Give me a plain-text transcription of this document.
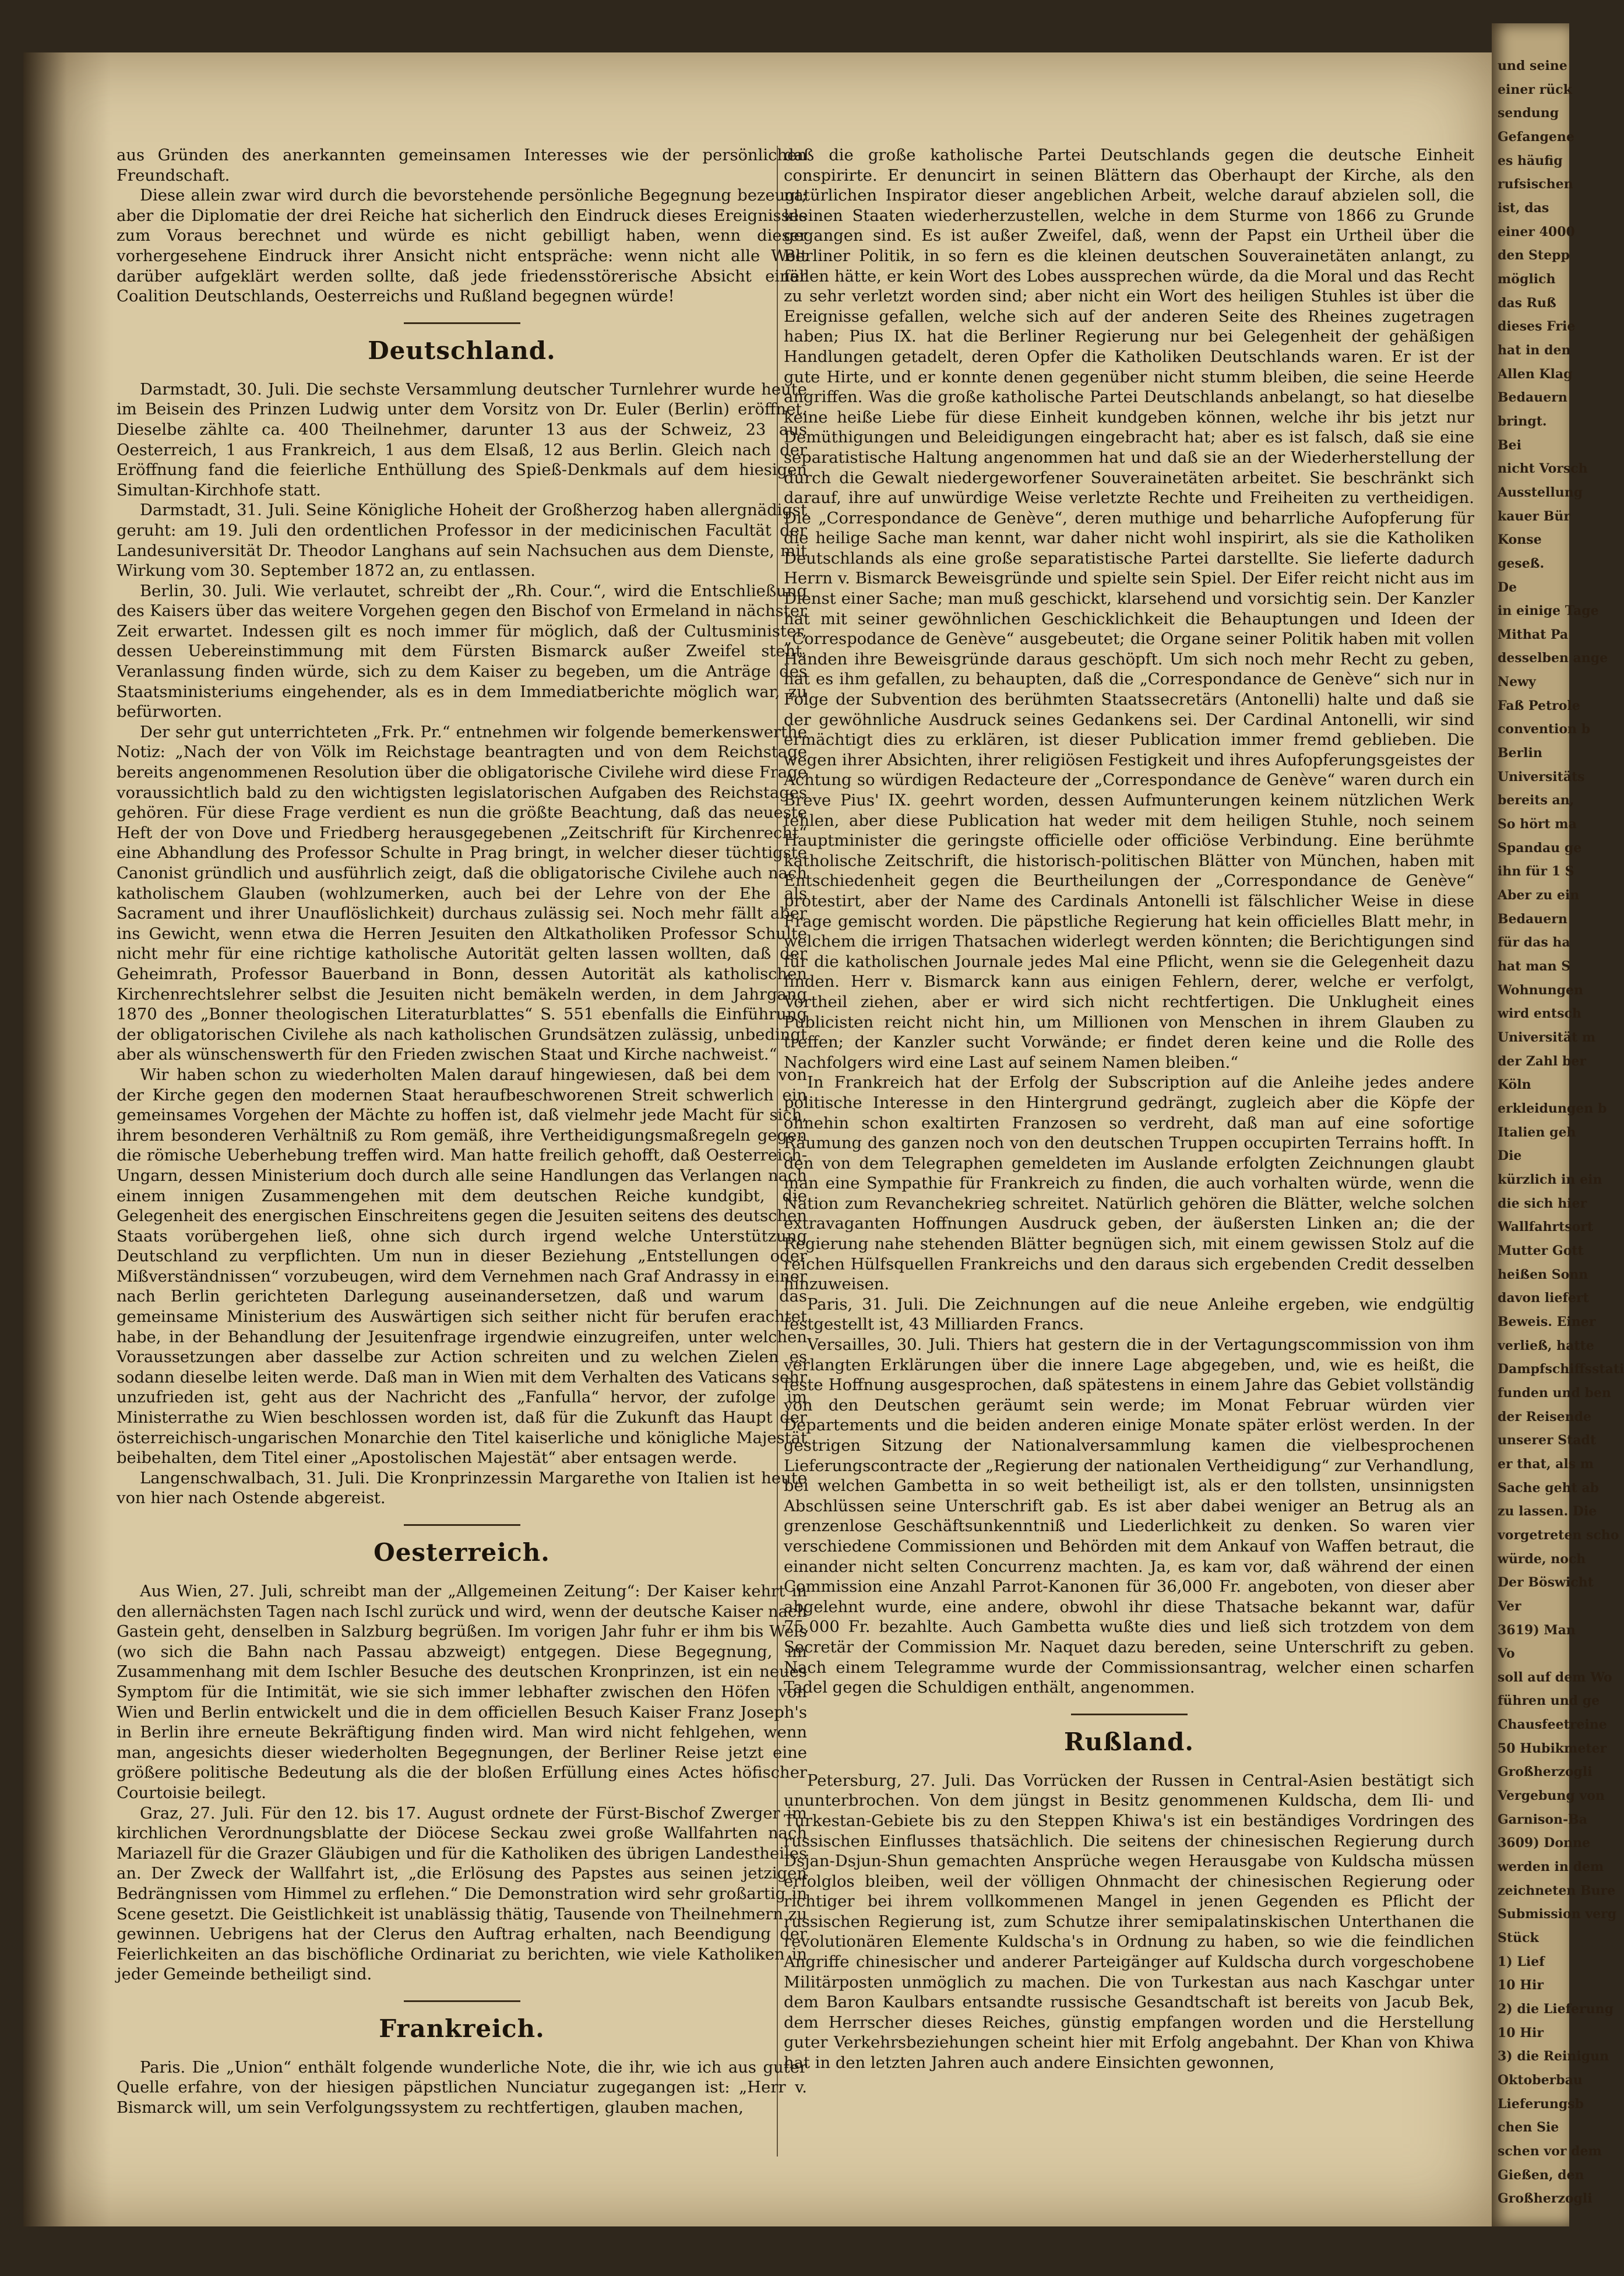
aus Gründen des anerkannten gemeinsamen Interesses wie der persönlichen Freundschaft.

Diese allein zwar wird durch die bevorstehende persönliche Begegnung bezeugt; aber die Diplomatie der drei Reiche hat sicherlich den Eindruck dieses Ereignisses zum Voraus berechnet und würde es nicht gebilligt haben, wenn dieser vorhergesehene Eindruck ihrer Ansicht nicht entspräche: wenn nicht alle Welt darüber aufgeklärt werden sollte, daß jede friedensstörerische Absicht einer Coalition Deutschlands, Oesterreichs und Rußland begegnen würde!

Deutschland.

Darmstadt, 30. Juli. Die sechste Versammlung deutscher Turnlehrer wurde heute im Beisein des Prinzen Ludwig unter dem Vorsitz von Dr. Euler (Berlin) eröffnet. Dieselbe zählte ca. 400 Theilnehmer, darunter 13 aus der Schweiz, 23 aus Oesterreich, 1 aus Frankreich, 1 aus dem Elsaß, 12 aus Berlin. Gleich nach der Eröffnung fand die feierliche Enthüllung des Spieß-Denkmals auf dem hiesigen Simultan-Kirchhofe statt.

Darmstadt, 31. Juli. Seine Königliche Hoheit der Großherzog haben allergnädigst geruht: am 19. Juli den ordentlichen Professor in der medicinischen Facultät der Landesuniversität Dr. Theodor Langhans auf sein Nachsuchen aus dem Dienste, mit Wirkung vom 30. September 1872 an, zu entlassen.

Berlin, 30. Juli. Wie verlautet, schreibt der „Rh. Cour.“, wird die Entschließung des Kaisers über das weitere Vorgehen gegen den Bischof von Ermeland in nächster Zeit erwartet. Indessen gilt es noch immer für möglich, daß der Cultusminister, dessen Uebereinstimmung mit dem Fürsten Bismarck außer Zweifel steht, Veranlassung finden würde, sich zu dem Kaiser zu begeben, um die Anträge des Staatsministeriums eingehender, als es in dem Immediatberichte möglich war, zu befürworten.

Der sehr gut unterrichteten „Frk. Pr.“ entnehmen wir folgende bemerkenswerthe Notiz: „Nach der von Völk im Reichstage beantragten und von dem Reichstage bereits angenommenen Resolution über die obligatorische Civilehe wird diese Frage voraussichtlich bald zu den wichtigsten legislatorischen Aufgaben des Reichstages gehören. Für diese Frage verdient es nun die größte Beachtung, daß das neueste Heft der von Dove und Friedberg herausgegebenen „Zeitschrift für Kirchenrecht“ eine Abhandlung des Professor Schulte in Prag bringt, in welcher dieser tüchtigste Canonist gründlich und ausführlich zeigt, daß die obligatorische Civilehe auch nach katholischem Glauben (wohlzumerken, auch bei der Lehre von der Ehe als Sacrament und ihrer Unauflöslichkeit) durchaus zulässig sei. Noch mehr fällt aber ins Gewicht, wenn etwa die Herren Jesuiten den Altkatholiken Professor Schulte nicht mehr für eine richtige katholische Autorität gelten lassen wollten, daß der Geheimrath, Professor Bauerband in Bonn, dessen Autorität als katholischen Kirchenrechtslehrer selbst die Jesuiten nicht bemäkeln werden, in dem Jahrgang 1870 des „Bonner theologischen Literaturblattes“ S. 551 ebenfalls die Einführung der obligatorischen Civilehe als nach katholischen Grundsätzen zulässig, unbedingt aber als wünschenswerth für den Frieden zwischen Staat und Kirche nachweist.“

Wir haben schon zu wiederholten Malen darauf hingewiesen, daß bei dem von der Kirche gegen den modernen Staat heraufbeschworenen Streit schwerlich ein gemeinsames Vorgehen der Mächte zu hoffen ist, daß vielmehr jede Macht für sich, ihrem besonderen Verhältniß zu Rom gemäß, ihre Vertheidigungsmaßregeln gegen die römische Ueberhebung treffen wird. Man hatte freilich gehofft, daß Oesterreich-Ungarn, dessen Ministerium doch durch alle seine Handlungen das Verlangen nach einem innigen Zusammengehen mit dem deutschen Reiche kundgibt, die Gelegenheit des energischen Einschreitens gegen die Jesuiten seitens des deutschen Staats vorübergehen ließ, ohne sich durch irgend welche Unterstützung Deutschland zu verpflichten. Um nun in dieser Beziehung „Entstellungen oder Mißverständnissen“ vorzubeugen, wird dem Vernehmen nach Graf Andrassy in einer nach Berlin gerichteten Darlegung auseinandersetzen, daß und warum das gemeinsame Ministerium des Auswärtigen sich seither nicht für berufen erachtet habe, in der Behandlung der Jesuitenfrage irgendwie einzugreifen, unter welchen Voraussetzungen aber dasselbe zur Action schreiten und zu welchen Zielen es sodann dieselbe leiten werde. Daß man in Wien mit dem Verhalten des Vaticans sehr unzufrieden ist, geht aus der Nachricht des „Fanfulla“ hervor, der zufolge im Ministerrathe zu Wien beschlossen worden ist, daß für die Zukunft das Haupt der österreichisch-ungarischen Monarchie den Titel kaiserliche und königliche Majestät beibehalten, dem Titel einer „Apostolischen Majestät“ aber entsagen werde.

Langenschwalbach, 31. Juli. Die Kronprinzessin Margarethe von Italien ist heute von hier nach Ostende abgereist.

Oesterreich.

Aus Wien, 27. Juli, schreibt man der „Allgemeinen Zeitung“: Der Kaiser kehrt in den allernächsten Tagen nach Ischl zurück und wird, wenn der deutsche Kaiser nach Gastein geht, denselben in Salzburg begrüßen. Im vorigen Jahr fuhr er ihm bis Wels (wo sich die Bahn nach Passau abzweigt) entgegen. Diese Begegnung, im Zusammenhang mit dem Ischler Besuche des deutschen Kronprinzen, ist ein neues Symptom für die Intimität, wie sie sich immer lebhafter zwischen den Höfen von Wien und Berlin entwickelt und die in dem officiellen Besuch Kaiser Franz Joseph's in Berlin ihre erneute Bekräftigung finden wird. Man wird nicht fehlgehen, wenn man, angesichts dieser wiederholten Begegnungen, der Berliner Reise jetzt eine größere politische Bedeutung als die der bloßen Erfüllung eines Actes höfischer Courtoisie beilegt.

Graz, 27. Juli. Für den 12. bis 17. August ordnete der Fürst-Bischof Zwerger im kirchlichen Verordnungsblatte der Diöcese Seckau zwei große Wallfahrten nach Mariazell für die Grazer Gläubigen und für die Katholiken des übrigen Landestheiles an. Der Zweck der Wallfahrt ist, „die Erlösung des Papstes aus seinen jetzigen Bedrängnissen vom Himmel zu erflehen.“ Die Demonstration wird sehr großartig in Scene gesetzt. Die Geistlichkeit ist unablässig thätig, Tausende von Theilnehmern zu gewinnen. Uebrigens hat der Clerus den Auftrag erhalten, nach Beendigung der Feierlichkeiten an das bischöfliche Ordinariat zu berichten, wie viele Katholiken in jeder Gemeinde betheiligt sind.

Frankreich.

Paris. Die „Union“ enthält folgende wunderliche Note, die ihr, wie ich aus guter Quelle erfahre, von der hiesigen päpstlichen Nunciatur zugegangen ist: „Herr v. Bismarck will, um sein Verfolgungssystem zu rechtfertigen, glauben machen,

daß die große katholische Partei Deutschlands gegen die deutsche Einheit conspirirte. Er denuncirt in seinen Blättern das Oberhaupt der Kirche, als den natürlichen Inspirator dieser angeblichen Arbeit, welche darauf abzielen soll, die kleinen Staaten wiederherzustellen, welche in dem Sturme von 1866 zu Grunde gegangen sind. Es ist außer Zweifel, daß, wenn der Papst ein Urtheil über die Berliner Politik, in so fern es die kleinen deutschen Souverainetäten anlangt, zu fällen hätte, er kein Wort des Lobes aussprechen würde, da die Moral und das Recht zu sehr verletzt worden sind; aber nicht ein Wort des heiligen Stuhles ist über die Ereignisse gefallen, welche sich auf der anderen Seite des Rheines zugetragen haben; Pius IX. hat die Berliner Regierung nur bei Gelegenheit der gehäßigen Handlungen getadelt, deren Opfer die Katholiken Deutschlands waren. Er ist der gute Hirte, und er konnte denen gegenüber nicht stumm bleiben, die seine Heerde angriffen. Was die große katholische Partei Deutschlands anbelangt, so hat dieselbe keine heiße Liebe für diese Einheit kundgeben können, welche ihr bis jetzt nur Demüthigungen und Beleidigungen eingebracht hat; aber es ist falsch, daß sie eine separatistische Haltung angenommen hat und daß sie an der Wiederherstellung der durch die Gewalt niedergeworfener Souverainetäten arbeitet. Sie beschränkt sich darauf, ihre auf unwürdige Weise verletzte Rechte und Freiheiten zu vertheidigen. Die „Correspondance de Genève“, deren muthige und beharrliche Aufopferung für die heilige Sache man kennt, war daher nicht wohl inspirirt, als sie die Katholiken Deutschlands als eine große separatistische Partei darstellte. Sie lieferte dadurch Herrn v. Bismarck Beweisgründe und spielte sein Spiel. Der Eifer reicht nicht aus im Dienst einer Sache; man muß geschickt, klarsehend und vorsichtig sein. Der Kanzler hat mit seiner gewöhnlichen Geschicklichkeit die Behauptungen und Ideen der „Correspodance de Genève“ ausgebeutet; die Organe seiner Politik haben mit vollen Händen ihre Beweisgründe daraus geschöpft. Um sich noch mehr Recht zu geben, hat es ihm gefallen, zu behaupten, daß die „Correspondance de Genève“ sich nur in Folge der Subvention des berühmten Staatssecretärs (Antonelli) halte und daß sie der gewöhnliche Ausdruck seines Gedankens sei. Der Cardinal Antonelli, wir sind ermächtigt dies zu erklären, ist dieser Publication immer fremd geblieben. Die wegen ihrer Absichten, ihrer religiösen Festigkeit und ihres Aufopferungsgeistes der Achtung so würdigen Redacteure der „Correspondance de Genève“ waren durch ein Breve Pius' IX. geehrt worden, dessen Aufmunterungen keinem nützlichen Werk fehlen, aber diese Publication hat weder mit dem heiligen Stuhle, noch seinem Hauptminister die geringste officielle oder officiöse Verbindung. Eine berühmte katholische Zeitschrift, die historisch-politischen Blätter von München, haben mit Entschiedenheit gegen die Beurtheilungen der „Correspondance de Genève“ protestirt, aber der Name des Cardinals Antonelli ist fälschlicher Weise in diese Frage gemischt worden. Die päpstliche Regierung hat kein officielles Blatt mehr, in welchem die irrigen Thatsachen widerlegt werden könnten; die Berichtigungen sind für die katholischen Journale jedes Mal eine Pflicht, wenn sie die Gelegenheit dazu finden. Herr v. Bismarck kann aus einigen Fehlern, derer, welche er verfolgt, Vortheil ziehen, aber er wird sich nicht rechtfertigen. Die Unklugheit eines Publicisten reicht nicht hin, um Millionen von Menschen in ihrem Glauben zu treffen; der Kanzler sucht Vorwände; er findet deren keine und die Rolle des Nachfolgers wird eine Last auf seinem Namen bleiben.“

In Frankreich hat der Erfolg der Subscription auf die Anleihe jedes andere politische Interesse in den Hintergrund gedrängt, zugleich aber die Köpfe der ohnehin schon exaltirten Franzosen so verdreht, daß man auf eine sofortige Räumung des ganzen noch von den deutschen Truppen occupirten Terrains hofft. In den von dem Telegraphen gemeldeten im Auslande erfolgten Zeichnungen glaubt man eine Sympathie für Frankreich zu finden, die auch vorhalten würde, wenn die Nation zum Revanchekrieg schreitet. Natürlich gehören die Blätter, welche solchen extravaganten Hoffnungen Ausdruck geben, der äußersten Linken an; die der Regierung nahe stehenden Blätter begnügen sich, mit einem gewissen Stolz auf die reichen Hülfsquellen Frankreichs und den daraus sich ergebenden Credit desselben hinzuweisen.

Paris, 31. Juli. Die Zeichnungen auf die neue Anleihe ergeben, wie endgültig festgestellt ist, 43 Milliarden Francs.

Versailles, 30. Juli. Thiers hat gestern die in der Vertagungscommission von ihm verlangten Erklärungen über die innere Lage abgegeben, und, wie es heißt, die feste Hoffnung ausgesprochen, daß spätestens in einem Jahre das Gebiet vollständig von den Deutschen geräumt sein werde; im Monat Februar würden vier Departements und die beiden anderen einige Monate später erlöst werden. In der gestrigen Sitzung der Nationalversammlung kamen die vielbesprochenen Lieferungscontracte der „Regierung der nationalen Vertheidigung“ zur Verhandlung, bei welchen Gambetta in so weit betheiligt ist, als er den tollsten, unsinnigsten Abschlüssen seine Unterschrift gab. Es ist aber dabei weniger an Betrug als an grenzenlose Geschäftsunkenntniß und Liederlichkeit zu denken. So waren vier verschiedene Commissionen und Behörden mit dem Ankauf von Waffen betraut, die einander nicht selten Concurrenz machten. Ja, es kam vor, daß während der einen Commission eine Anzahl Parrot-Kanonen für 36,000 Fr. angeboten, von dieser aber abgelehnt wurde, eine andere, obwohl ihr diese Thatsache bekannt war, dafür 75,000 Fr. bezahlte. Auch Gambetta wußte dies und ließ sich trotzdem von dem Secretär der Commission Mr. Naquet dazu bereden, seine Unterschrift zu geben. Nach einem Telegramme wurde der Commissionsantrag, welcher einen scharfen Tadel gegen die Schuldigen enthält, angenommen.

Rußland.

Petersburg, 27. Juli. Das Vorrücken der Russen in Central-Asien bestätigt sich ununterbrochen. Von dem jüngst in Besitz genommenen Kuldscha, dem Ili- und Turkestan-Gebiete bis zu den Steppen Khiwa's ist ein beständiges Vordringen des russischen Einflusses thatsächlich. Die seitens der chinesischen Regierung durch Dsjan-Dsjun-Shun gemachten Ansprüche wegen Herausgabe von Kuldscha müssen erfolglos bleiben, weil der völligen Ohnmacht der chinesischen Regierung oder richtiger bei ihrem vollkommenen Mangel in jenen Gegenden es Pflicht der russischen Regierung ist, zum Schutze ihrer semipalatinskischen Unterthanen die revolutionären Elemente Kuldscha's in Ordnung zu haben, so wie die feindlichen Angriffe chinesischer und anderer Parteigänger auf Kuldscha durch vorgeschobene Militärposten unmöglich zu machen. Die von Turkestan aus nach Kaschgar unter dem Baron Kaulbars entsandte russische Gesandtschaft ist bereits von Jacub Bek, dem Herrscher dieses Reiches, günstig empfangen worden und die Herstellung guter Verkehrsbeziehungen scheint hier mit Erfolg angebahnt. Der Khan von Khiwa hat in den letzten Jahren auch andere Einsichten gewonnen,

und seine
einer rück
sendung
Gefangene
es häufig
rufsischen
ist, das
einer 4000
den Stepp
möglich
das Ruß
dieses Frie
hat in den
Allen Klag
Bedauern
bringt.
Bei
nicht Vorsch
Ausstellung
kauer Bür
Konse
geseß.
De
in einige Tage
Mithat Pa
desselben ange
Newy
Faß Petrole
convention b
Berlin
Universitäts
bereits an,
So hört ma
Spandau ge
ihn für 1 S
Aber zu ein
Bedauern
für das ha
hat man S
Wohnungen
wird entsch
Universität m
der Zahl ber
Köln
erkleidungen b
Italien geh
Die
kürzlich in ein
die sich hier
Wallfahrtsort
Mutter Gott
heißen Sonn
davon liefert
Beweis. Einer
verließ, hatte
Dampfschiffsstati
funden und ben
der Reisende
unserer Stadt
er that, als m
Sache geht ab
zu lassen. Die
vorgetreten scho
würde, noch
Der Böswicht
Ver
3619) Man
Vo
soll auf dem Wo
führen und ge
Chausfeetreine
50 Hubikmeter
Großherzogli
Vergebung von
Garnison-Ba
3609) Donne
werden in dem
zeichneten Bure
Submission verg
Stück
1) Lief
10 Hir
2) die Lieferung
10 Hir
3) die Reinigun
Oktoberbau
Lieferungsb
chen Sie
schen vor dem
Gießen, den
Großherzogli
